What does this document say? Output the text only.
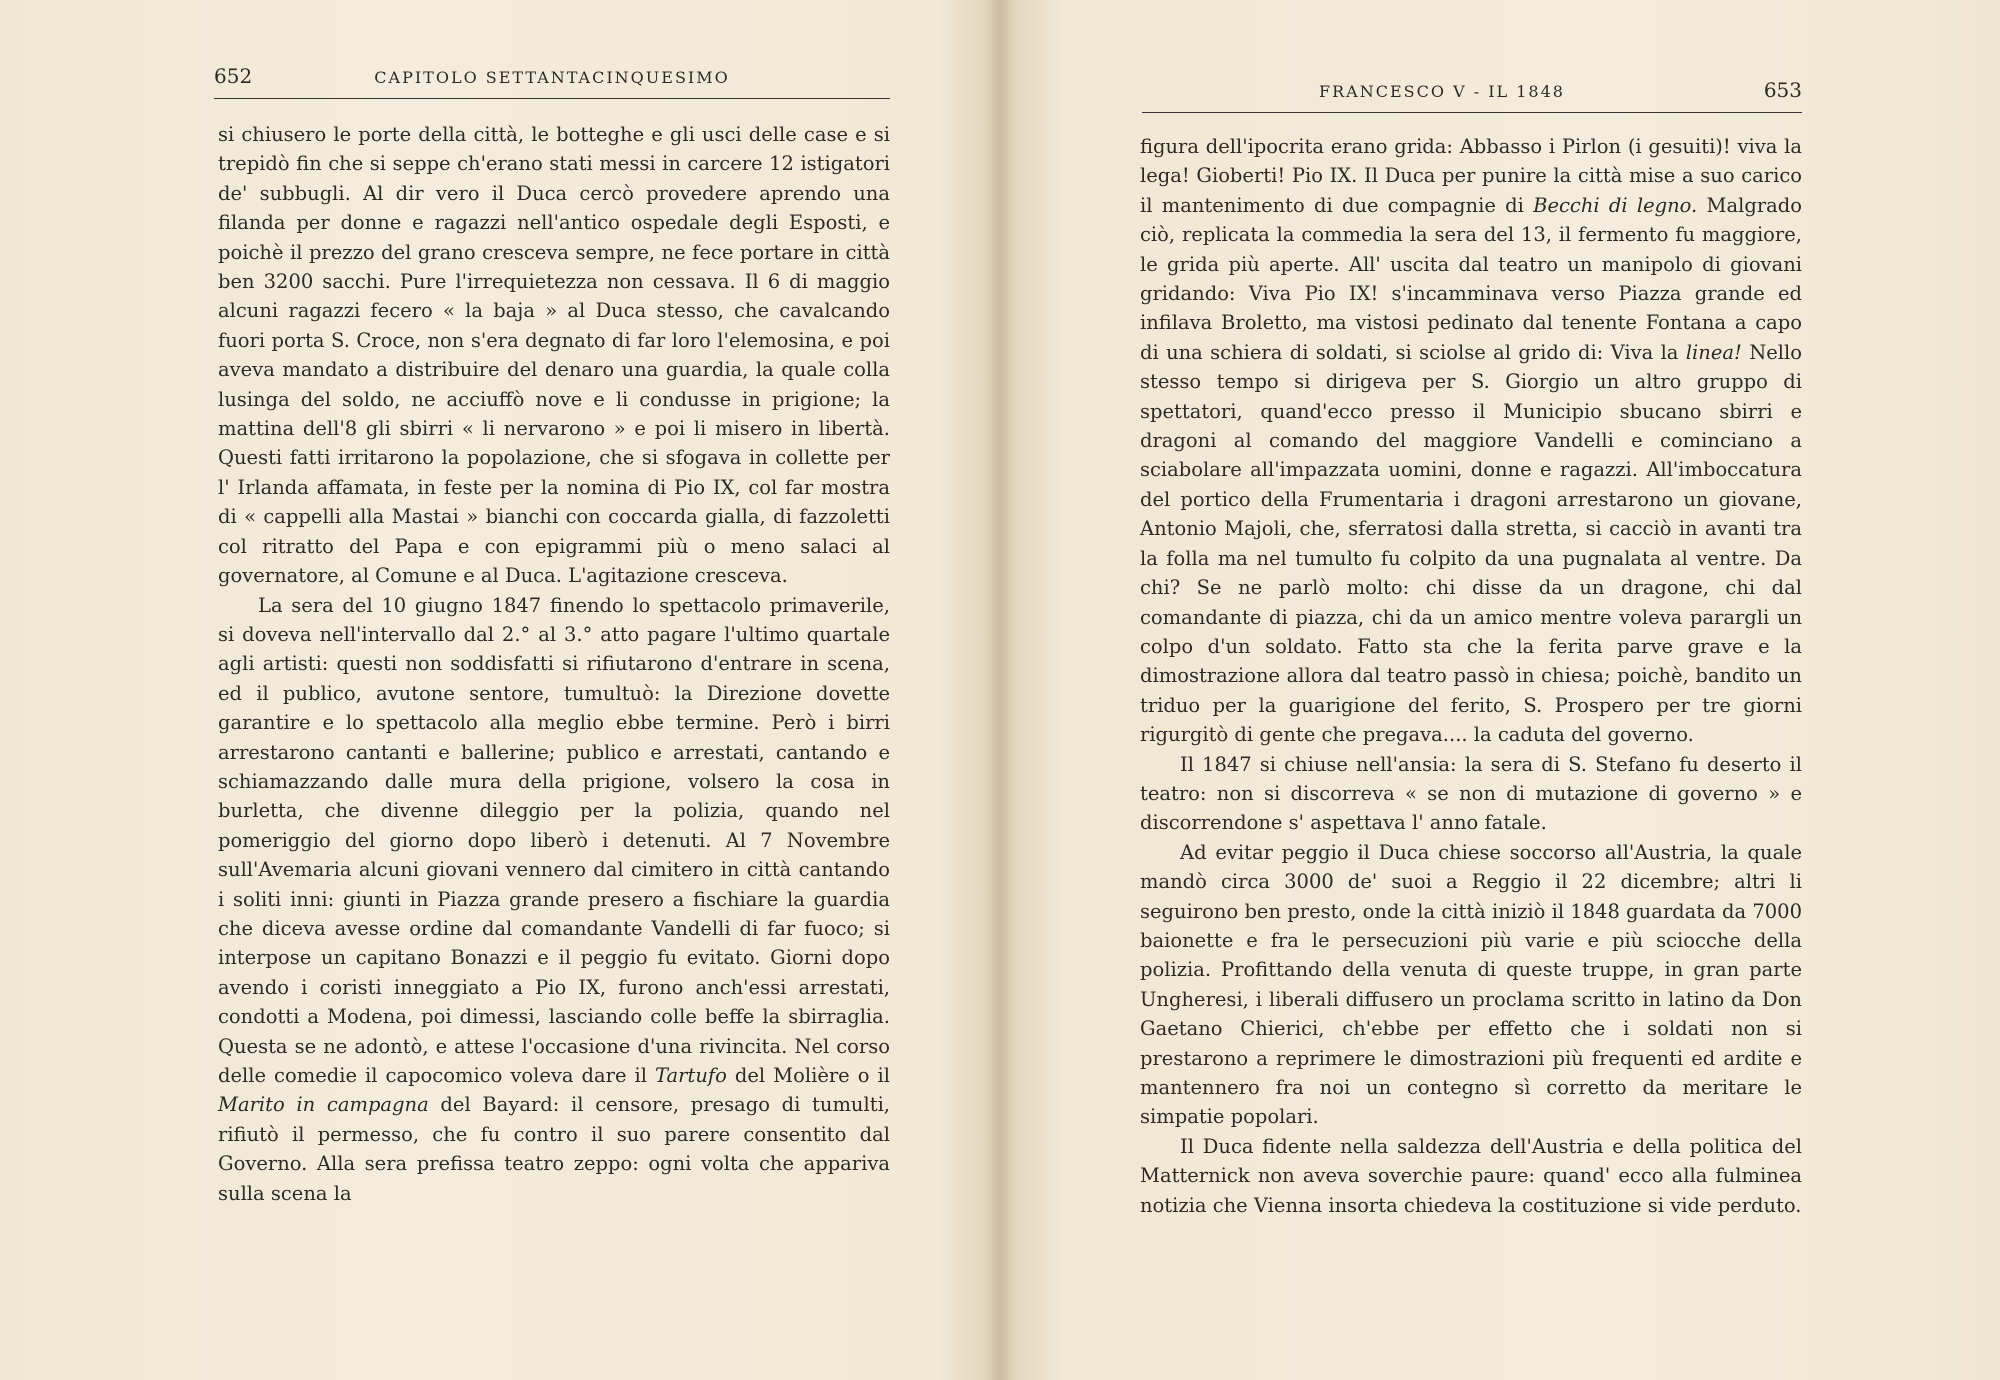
652	CAPITOLO SETTANTACINQUESIMO

si chiusero le porte della città, le botteghe e gli usci delle case e si trepidò fin che si seppe ch'erano stati messi in carcere 12 istigatori de' subbugli. Al dir vero il Duca cercò provedere aprendo una filanda per donne e ragazzi nell'antico ospedale degli Esposti, e poichè il prezzo del grano cresceva sempre, ne fece portare in città ben 3200 sacchi. Pure l'irrequietezza non cessava. Il 6 di maggio alcuni ragazzi fecero « la baja » al Duca stesso, che cavalcando fuori porta S. Croce, non s'era degnato di far loro l'elemosina, e poi aveva mandato a distribuire del denaro una guardia, la quale colla lusinga del soldo, ne acciuffò nove e li condusse in prigione; la mattina dell'8 gli sbirri « li nervarono » e poi li misero in libertà. Questi fatti irritarono la popolazione, che si sfogava in collette per l' Irlanda affamata, in feste per la nomina di Pio IX, col far mostra di « cappelli alla Mastai » bianchi con coccarda gialla, di fazzoletti col ritratto del Papa e con epigrammi più o meno salaci al governatore, al Comune e al Duca. L'agitazione cresceva.

La sera del 10 giugno 1847 finendo lo spettacolo primaverile, si doveva nell'intervallo dal 2.° al 3.° atto pagare l'ultimo quartale agli artisti: questi non soddisfatti si rifiutarono d'entrare in scena, ed il publico, avutone sentore, tumultuò: la Direzione dovette garantire e lo spettacolo alla meglio ebbe termine. Però i birri arrestarono cantanti e ballerine; publico e arrestati, cantando e schiamazzando dalle mura della prigione, volsero la cosa in burletta, che divenne dileggio per la polizia, quando nel pomeriggio del giorno dopo liberò i detenuti. Al 7 Novembre sull'Avemaria alcuni giovani vennero dal cimitero in città cantando i soliti inni: giunti in Piazza grande presero a fischiare la guardia che diceva avesse ordine dal comandante Vandelli di far fuoco; si interpose un capitano Bonazzi e il peggio fu evitato. Giorni dopo avendo i coristi inneggiato a Pio IX, furono anch'essi arrestati, condotti a Modena, poi dimessi, lasciando colle beffe la sbirraglia. Questa se ne adontò, e attese l'occasione d'una rivincita. Nel corso delle comedie il capocomico voleva dare il Tartufo del Molière o il Marito in campagna del Bayard: il censore, presago di tumulti, rifiutò il permesso, che fu contro il suo parere consentito dal Governo. Alla sera prefissa teatro zeppo: ogni volta che appariva sulla scena la

FRANCESCO V - IL 1848	653

figura dell'ipocrita erano grida: Abbasso i Pirlon (i gesuiti)! viva la lega! Gioberti! Pio IX. Il Duca per punire la città mise a suo carico il mantenimento di due compagnie di Becchi di legno. Malgrado ciò, replicata la commedia la sera del 13, il fermento fu maggiore, le grida più aperte. All' uscita dal teatro un manipolo di giovani gridando: Viva Pio IX! s'incamminava verso Piazza grande ed infilava Broletto, ma vistosi pedinato dal tenente Fontana a capo di una schiera di soldati, si sciolse al grido di: Viva la linea! Nello stesso tempo si dirigeva per S. Giorgio un altro gruppo di spettatori, quand'ecco presso il Municipio sbucano sbirri e dragoni al comando del maggiore Vandelli e cominciano a sciabolare all'impazzata uomini, donne e ragazzi. All'imboccatura del portico della Frumentaria i dragoni arrestarono un giovane, Antonio Majoli, che, sferratosi dalla stretta, si cacciò in avanti tra la folla ma nel tumulto fu colpito da una pugnalata al ventre. Da chi? Se ne parlò molto: chi disse da un dragone, chi dal comandante di piazza, chi da un amico mentre voleva parargli un colpo d'un soldato. Fatto sta che la ferita parve grave e la dimostrazione allora dal teatro passò in chiesa; poichè, bandito un triduo per la guarigione del ferito, S. Prospero per tre giorni rigurgitò di gente che pregava.... la caduta del governo.

Il 1847 si chiuse nell'ansia: la sera di S. Stefano fu deserto il teatro: non si discorreva « se non di mutazione di governo » e discorrendone s' aspettava l' anno fatale.

Ad evitar peggio il Duca chiese soccorso all'Austria, la quale mandò circa 3000 de' suoi a Reggio il 22 dicembre; altri li seguirono ben presto, onde la città iniziò il 1848 guardata da 7000 baionette e fra le persecuzioni più varie e più sciocche della polizia. Profittando della venuta di queste truppe, in gran parte Ungheresi, i liberali diffusero un proclama scritto in latino da Don Gaetano Chierici, ch'ebbe per effetto che i soldati non si prestarono a reprimere le dimostrazioni più frequenti ed ardite e mantennero fra noi un contegno sì corretto da meritare le simpatie popolari.

Il Duca fidente nella saldezza dell'Austria e della politica del Matternick non aveva soverchie paure: quand' ecco alla fulminea notizia che Vienna insorta chiedeva la costituzione si vide perduto.
